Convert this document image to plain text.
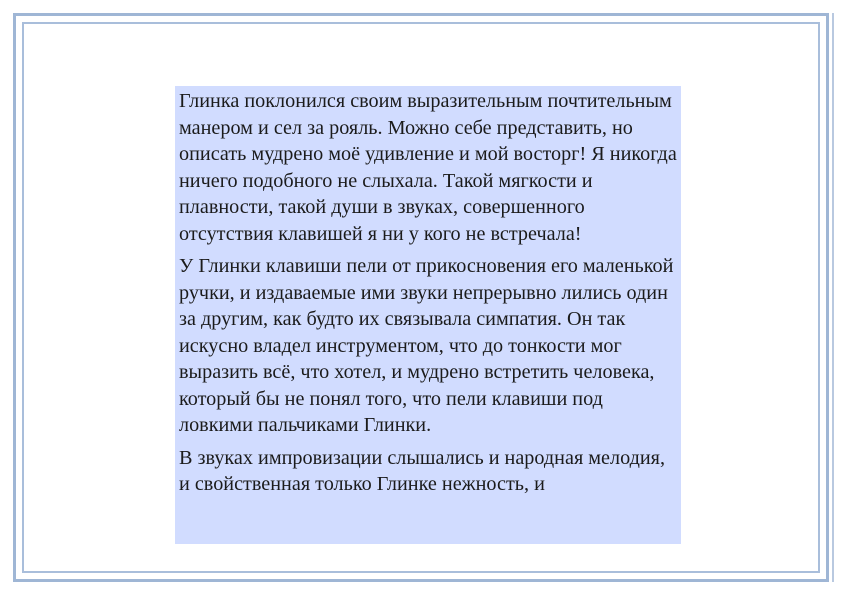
Глинка поклонился своим выразительным почтительным манером и сел за рояль. Можно себе представить, но описать мудрено моё удивление и мой восторг! Я никогда ничего подобного не слыхала. Такой мягкости и плавности, такой души в звуках, совершенного отсутствия клавишей я ни у кого не встречала!

У Глинки клавиши пели от прикосновения его маленькой ручки, и издаваемые ими звуки непрерывно лились один за другим, как будто их связывала симпатия. Он так искусно владел инструментом, что до тонкости мог выразить всё, что хотел, и мудрено встретить человека, который бы не понял того, что пели клавиши под ловкими пальчиками Глинки.

В звуках импровизации слышались и народная мелодия, и свойственная только Глинке нежность, и
